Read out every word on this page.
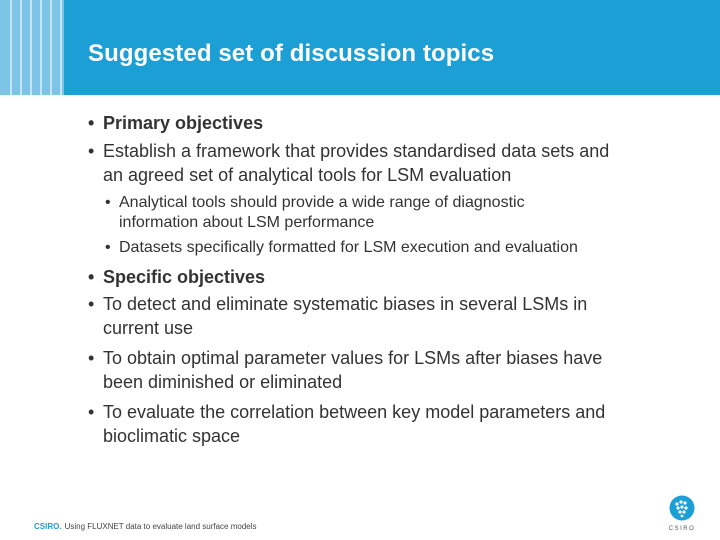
Suggested set of discussion topics
• Primary objectives
• Establish a framework that provides standardised data sets and
an agreed set of analytical tools for LSM evaluation
• Analytical tools should provide a wide range of diagnostic
information about LSM performance
• Datasets specifically formatted for LSM execution and evaluation
• Specific objectives
• To detect and eliminate systematic biases in several LSMs in
current use
• To obtain optimal parameter values for LSMs after biases have
been diminished or eliminated
• To evaluate the correlation between key model parameters and
bioclimatic space
CSIRO. Using FLUXNET data to evaluate land surface models	CSIRO
